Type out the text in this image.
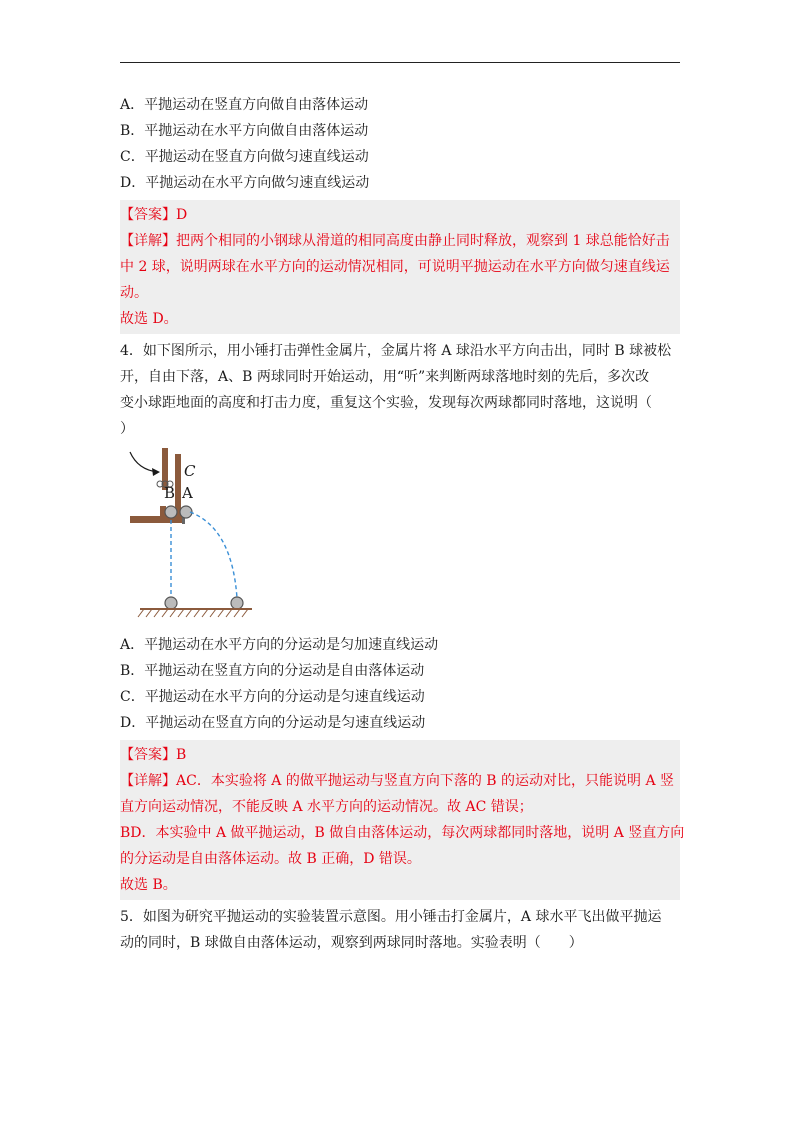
A．平抛运动在竖直方向做自由落体运动
B．平抛运动在水平方向做自由落体运动
C．平抛运动在竖直方向做匀速直线运动
D．平抛运动在水平方向做匀速直线运动
【答案】D
【详解】把两个相同的小钢球从滑道的相同高度由静止同时释放，观察到 1 球总能恰好击
中 2 球，说明两球在水平方向的运动情况相同，可说明平抛运动在水平方向做匀速直线运
动。
故选 D。
4．如下图所示，用小锤打击弹性金属片，金属片将 A 球沿水平方向击出，同时 B 球被松
开，自由下落，A、B 两球同时开始运动，用“听”来判断两球落地时刻的先后，多次改
变小球距地面的高度和打击力度，重复这个实验，发现每次两球都同时落地，这说明（
）
C
B A
A．平抛运动在水平方向的分运动是匀加速直线运动
B．平抛运动在竖直方向的分运动是自由落体运动
C．平抛运动在水平方向的分运动是匀速直线运动
D．平抛运动在竖直方向的分运动是匀速直线运动
【答案】B
【详解】AC．本实验将 A 的做平抛运动与竖直方向下落的 B 的运动对比，只能说明 A 竖
直方向运动情况，不能反映 A 水平方向的运动情况。故 AC 错误；
BD．本实验中 A 做平抛运动，B 做自由落体运动，每次两球都同时落地，说明 A 竖直方向
的分运动是自由落体运动。故 B 正确，D 错误。
故选 B。
5．如图为研究平抛运动的实验装置示意图。用小锤击打金属片，A 球水平飞出做平抛运
动的同时，B 球做自由落体运动，观察到两球同时落地。实验表明（　　）
